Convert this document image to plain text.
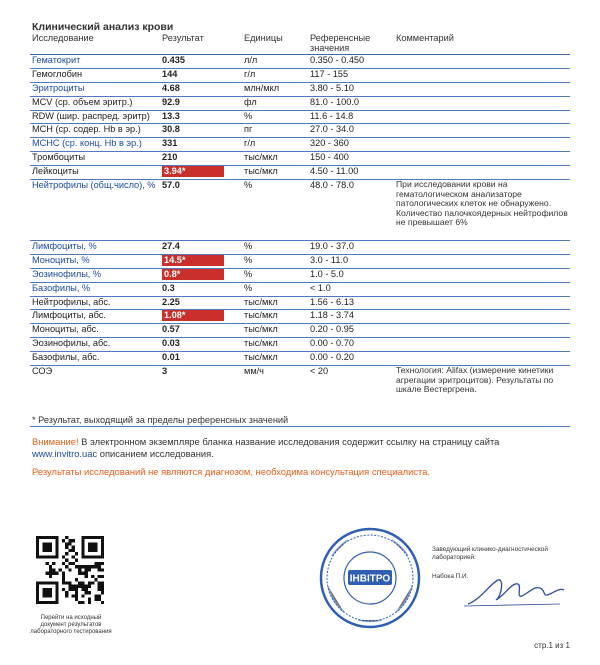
Клинический анализ крови
Исследование	Результат	Единицы	Референсные значения	Комментарий
Гематокрит	0.435	л/л	0.350 - 0.450	
Гемоглобин	144	г/л	117 - 155	
Эритроциты	4.68	млн/мкл	3.80 - 5.10	
MCV (ср. объем эритр.)	92.9	фл	81.0 - 100.0	
RDW (шир. распред. эритр)	13.3	%	11.6 - 14.8	
MCH (ср. содер. Hb в эр.)	30.8	пг	27.0 - 34.0	
MCHC (ср. конц. Hb в эр.)	331	г/л	320 - 360	
Тромбоциты	210	тыс/мкл	150 - 400	
Лейкоциты	3.94*	тыс/мкл	4.50 - 11.00	
Нейтрофилы (общ.число), %	57.0	%	48.0 - 78.0	При исследовании крови на гематологическом анализаторе патологических клеток не обнаружено. Количество палочкоядерных нейтрофилов не превышает 6%
Лимфоциты, %	27.4	%	19.0 - 37.0	
Моноциты, %	14.5*	%	3.0 - 11.0	
Эозинофилы, %	0.8*	%	1.0 - 5.0	
Базофилы, %	0.3	%	< 1.0	
Нейтрофилы, абс.	2.25	тыс/мкл	1.56 - 6.13	
Лимфоциты, абс.	1.08*	тыс/мкл	1.18 - 3.74	
Моноциты, абс.	0.57	тыс/мкл	0.20 - 0.95	
Эозинофилы, абс.	0.03	тыс/мкл	0.00 - 0.70	
Базофилы, абс.	0.01	тыс/мкл	0.00 - 0.20	
СОЭ	3	мм/ч	< 20	Технология: Alifax (измерение кинетики агрегации эритроцитов). Результаты по шкале Вестергрена.
* Результат, выходящий за пределы референсных значений
Внимание! В электронном экземпляре бланка название исследования содержит ссылку на страницу сайта
www.invitro.uac описанием исследования.
Результаты исследований не являются диагнозом, необходима консультация специалиста.
Перейти на исходный документ результатов лабораторного тестирования
ІНВІТРО
Заведующий клинико-диагностической лабораторией:
Набока П.И.
стр.1 из 1
